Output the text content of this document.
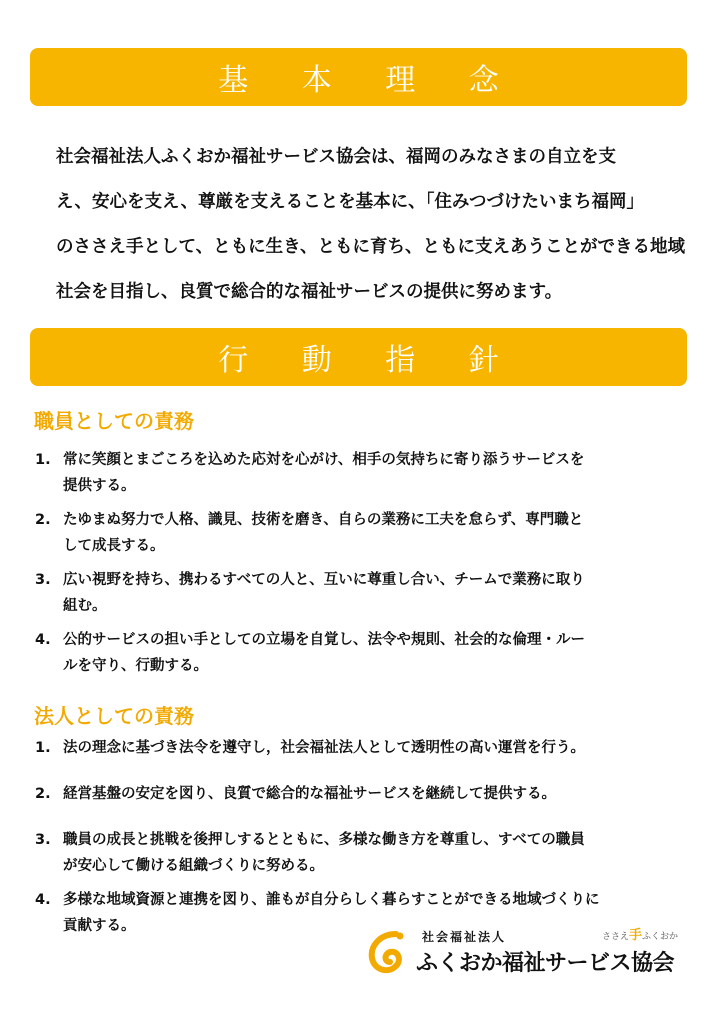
基 本 理 念
社会福祉法人ふくおか福祉サービス協会は、福岡のみなさまの自立を支
え、安心を支え、尊厳を支えることを基本に、「住みつづけたいまち福岡」
のささえ手として、ともに生き、ともに育ち、ともに支えあうことができる地域
社会を目指し、良質で総合的な福祉サービスの提供に努めます。
行 動 指 針
職員としての責務
1. 常に笑顔とまごころを込めた応対を心がけ、相手の気持ちに寄り添うサービスを
提供する。
2. たゆまぬ努力で人格、識見、技術を磨き、自らの業務に工夫を怠らず、専門職と
して成長する。
3. 広い視野を持ち、携わるすべての人と、互いに尊重し合い、チームで業務に取り
組む。
4. 公的サービスの担い手としての立場を自覚し、法令や規則、社会的な倫理・ルー
ルを守り、行動する。
法人としての責務
1. 法の理念に基づき法令を遵守し，社会福祉法人として透明性の高い運営を行う。
2. 経営基盤の安定を図り、良質で総合的な福祉サービスを継続して提供する。
3. 職員の成長と挑戦を後押しするとともに、多様な働き方を尊重し、すべての職員
が安心して働ける組織づくりに努める。
4. 多様な地域資源と連携を図り、誰もが自分らしく暮らすことができる地域づくりに
貢献する。
社会福祉法人
ふくおか福祉サービス協会
ささえ手ふくおか
